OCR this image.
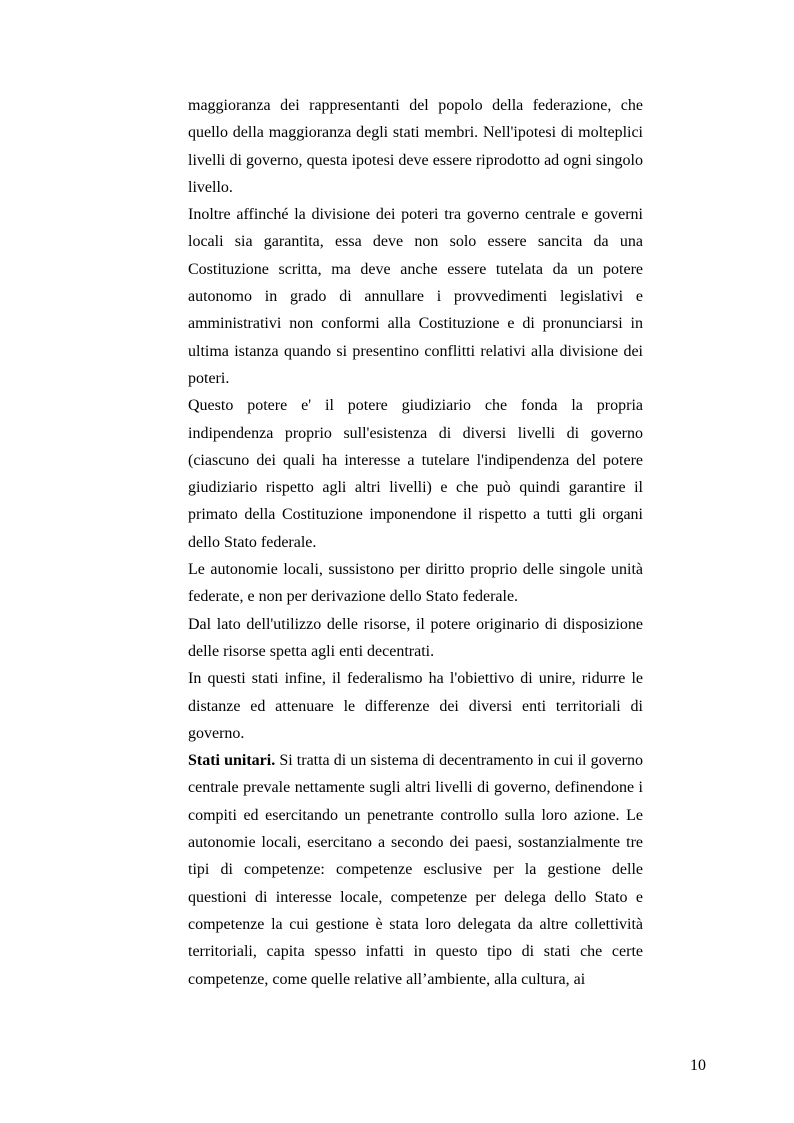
maggioranza dei rappresentanti del popolo della federazione, che quello della maggioranza degli stati membri. Nell'ipotesi di molteplici livelli di governo, questa ipotesi deve essere riprodotto ad ogni singolo livello.

Inoltre affinché la divisione dei poteri tra governo centrale e governi locali sia garantita, essa deve non solo essere sancita da una Costituzione scritta, ma deve anche essere tutelata da un potere autonomo in grado di annullare i provvedimenti legislativi e amministrativi non conformi alla Costituzione e di pronunciarsi in ultima istanza quando si presentino conflitti relativi alla divisione dei poteri.

Questo potere e' il potere giudiziario che fonda la propria indipendenza proprio sull'esistenza di diversi livelli di governo (ciascuno dei quali ha interesse a tutelare l'indipendenza del potere giudiziario rispetto agli altri livelli) e che può quindi garantire il primato della Costituzione imponendone il rispetto a tutti gli organi dello Stato federale.

Le autonomie locali, sussistono per diritto proprio delle singole unità federate, e non per derivazione dello Stato federale.

Dal lato dell'utilizzo delle risorse, il potere originario di disposizione delle risorse spetta agli enti decentrati.

In questi stati infine, il federalismo ha l'obiettivo di unire, ridurre le distanze ed attenuare le differenze dei diversi enti territoriali di governo.

Stati unitari. Si tratta di un sistema di decentramento in cui il governo centrale prevale nettamente sugli altri livelli di governo, definendone i compiti ed esercitando un penetrante controllo sulla loro azione. Le autonomie locali, esercitano a secondo dei paesi, sostanzialmente tre tipi di competenze: competenze esclusive per la gestione delle questioni di interesse locale, competenze per delega dello Stato e competenze la cui gestione è stata loro delegata da altre collettività territoriali, capita spesso infatti in questo tipo di stati che certe competenze, come quelle relative all’ambiente, alla cultura, ai

10
